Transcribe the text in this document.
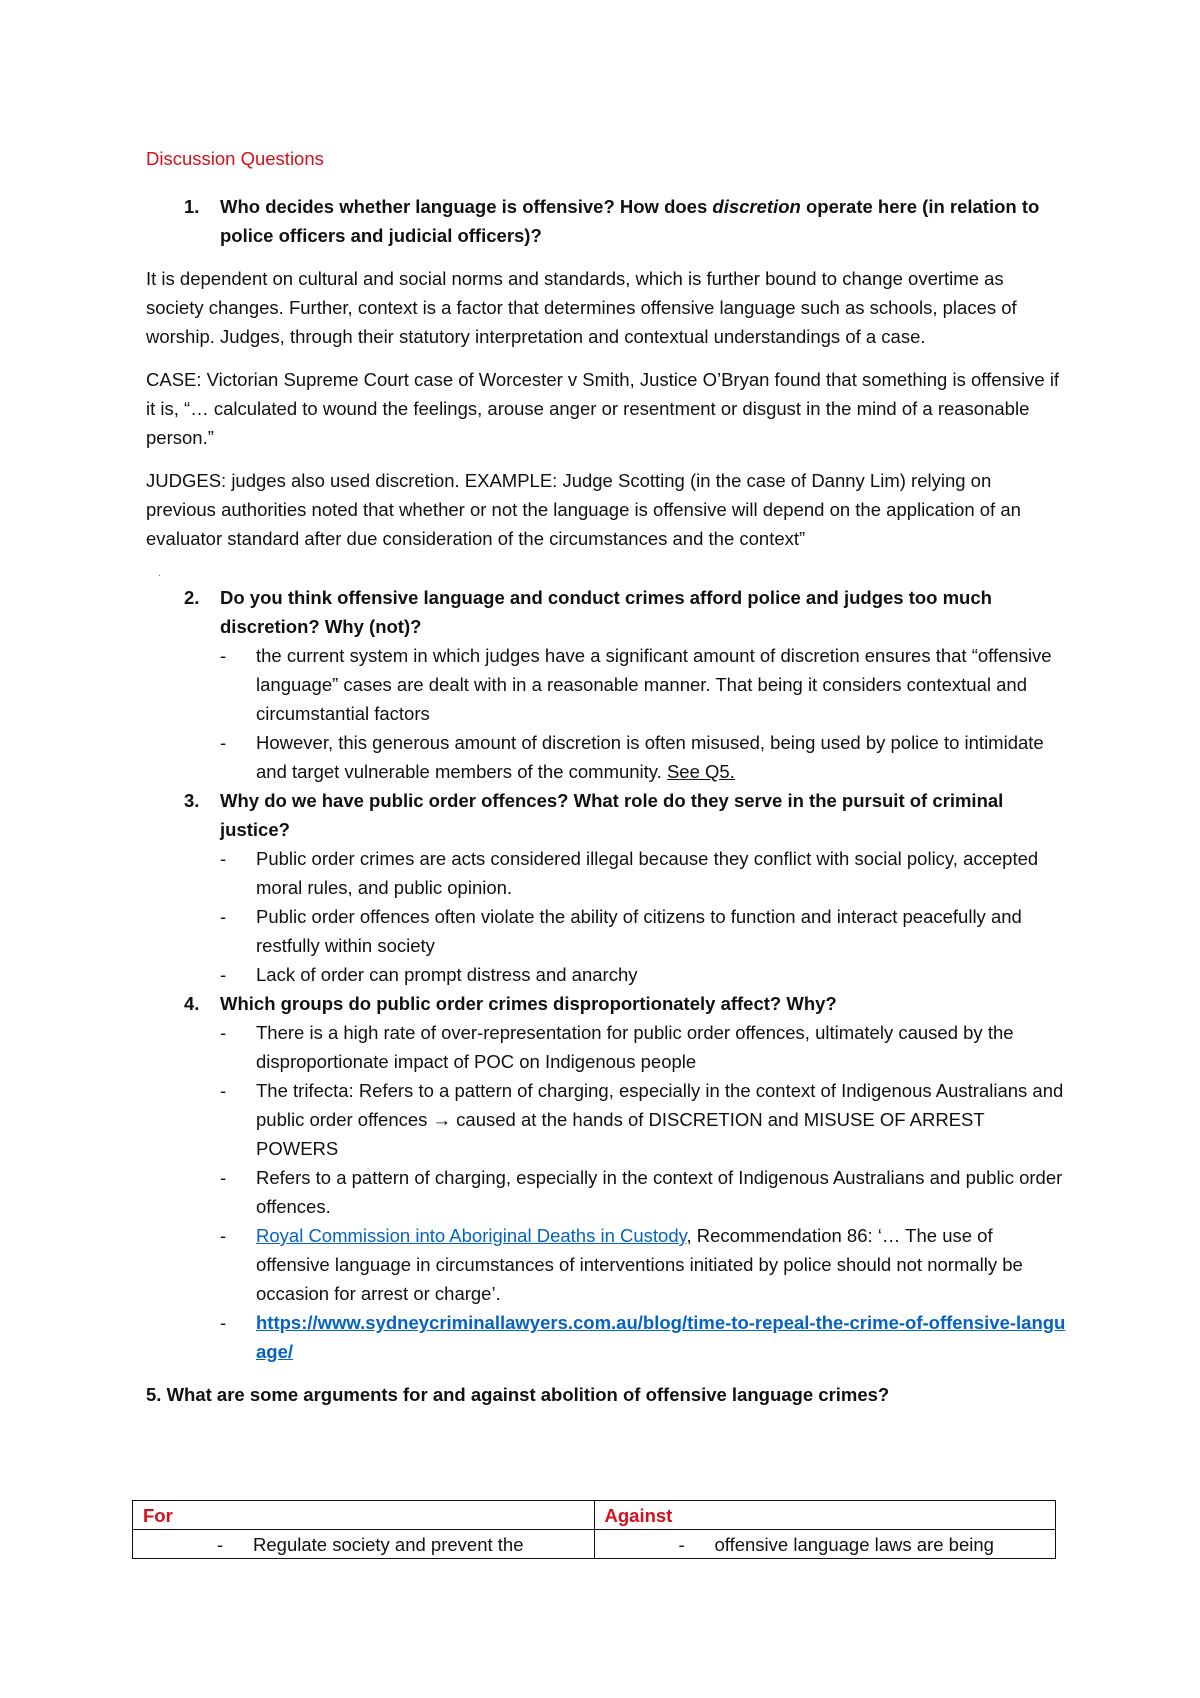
Discussion Questions
1. Who decides whether language is offensive? How does discretion operate here (in relation to police officers and judicial officers)?

It is dependent on cultural and social norms and standards, which is further bound to change overtime as society changes. Further, context is a factor that determines offensive language such as schools, places of worship. Judges, through their statutory interpretation and contextual understandings of a case.

CASE: Victorian Supreme Court case of Worcester v Smith, Justice O’Bryan found that something is offensive if it is, “… calculated to wound the feelings, arouse anger or resentment or disgust in the mind of a reasonable person.”

JUDGES: judges also used discretion. EXAMPLE: Judge Scotting (in the case of Danny Lim) relying on previous authorities noted that whether or not the language is offensive will depend on the application of an evaluator standard after due consideration of the circumstances and the context”

.
2. Do you think offensive language and conduct crimes afford police and judges too much discretion? Why (not)?
- the current system in which judges have a significant amount of discretion ensures that “offensive language” cases are dealt with in a reasonable manner. That being it considers contextual and circumstantial factors
- However, this generous amount of discretion is often misused, being used by police to intimidate and target vulnerable members of the community. See Q5.
3. Why do we have public order offences? What role do they serve in the pursuit of criminal justice?
- Public order crimes are acts considered illegal because they conflict with social policy, accepted moral rules, and public opinion.
- Public order offences often violate the ability of citizens to function and interact peacefully and restfully within society
- Lack of order can prompt distress and anarchy
4. Which groups do public order crimes disproportionately affect? Why?
- There is a high rate of over-representation for public order offences, ultimately caused by the disproportionate impact of POC on Indigenous people
- The trifecta: Refers to a pattern of charging, especially in the context of Indigenous Australians and public order offences → caused at the hands of DISCRETION and MISUSE OF ARREST POWERS
- Refers to a pattern of charging, especially in the context of Indigenous Australians and public order offences.
- Royal Commission into Aboriginal Deaths in Custody, Recommendation 86: ‘… The use of offensive language in circumstances of interventions initiated by police should not normally be occasion for arrest or charge’.
- https://www.sydneycriminallawyers.com.au/blog/time-to-repeal-the-crime-of-offensive-language/
5. What are some arguments for and against abolition of offensive language crimes?
For	Against

- Regulate society and prevent the	- offensive language laws are being
